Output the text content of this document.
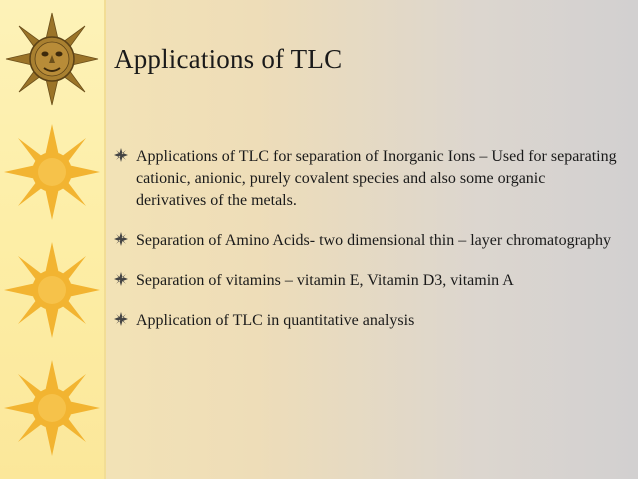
Applications of TLC
Applications of TLC for separation of Inorganic Ions – Used for separating cationic, anionic, purely covalent species and also some organic derivatives of the metals.
Separation of Amino Acids- two dimensional thin – layer chromatography
Separation of vitamins – vitamin E, Vitamin D3, vitamin A
Application of TLC in quantitative analysis
